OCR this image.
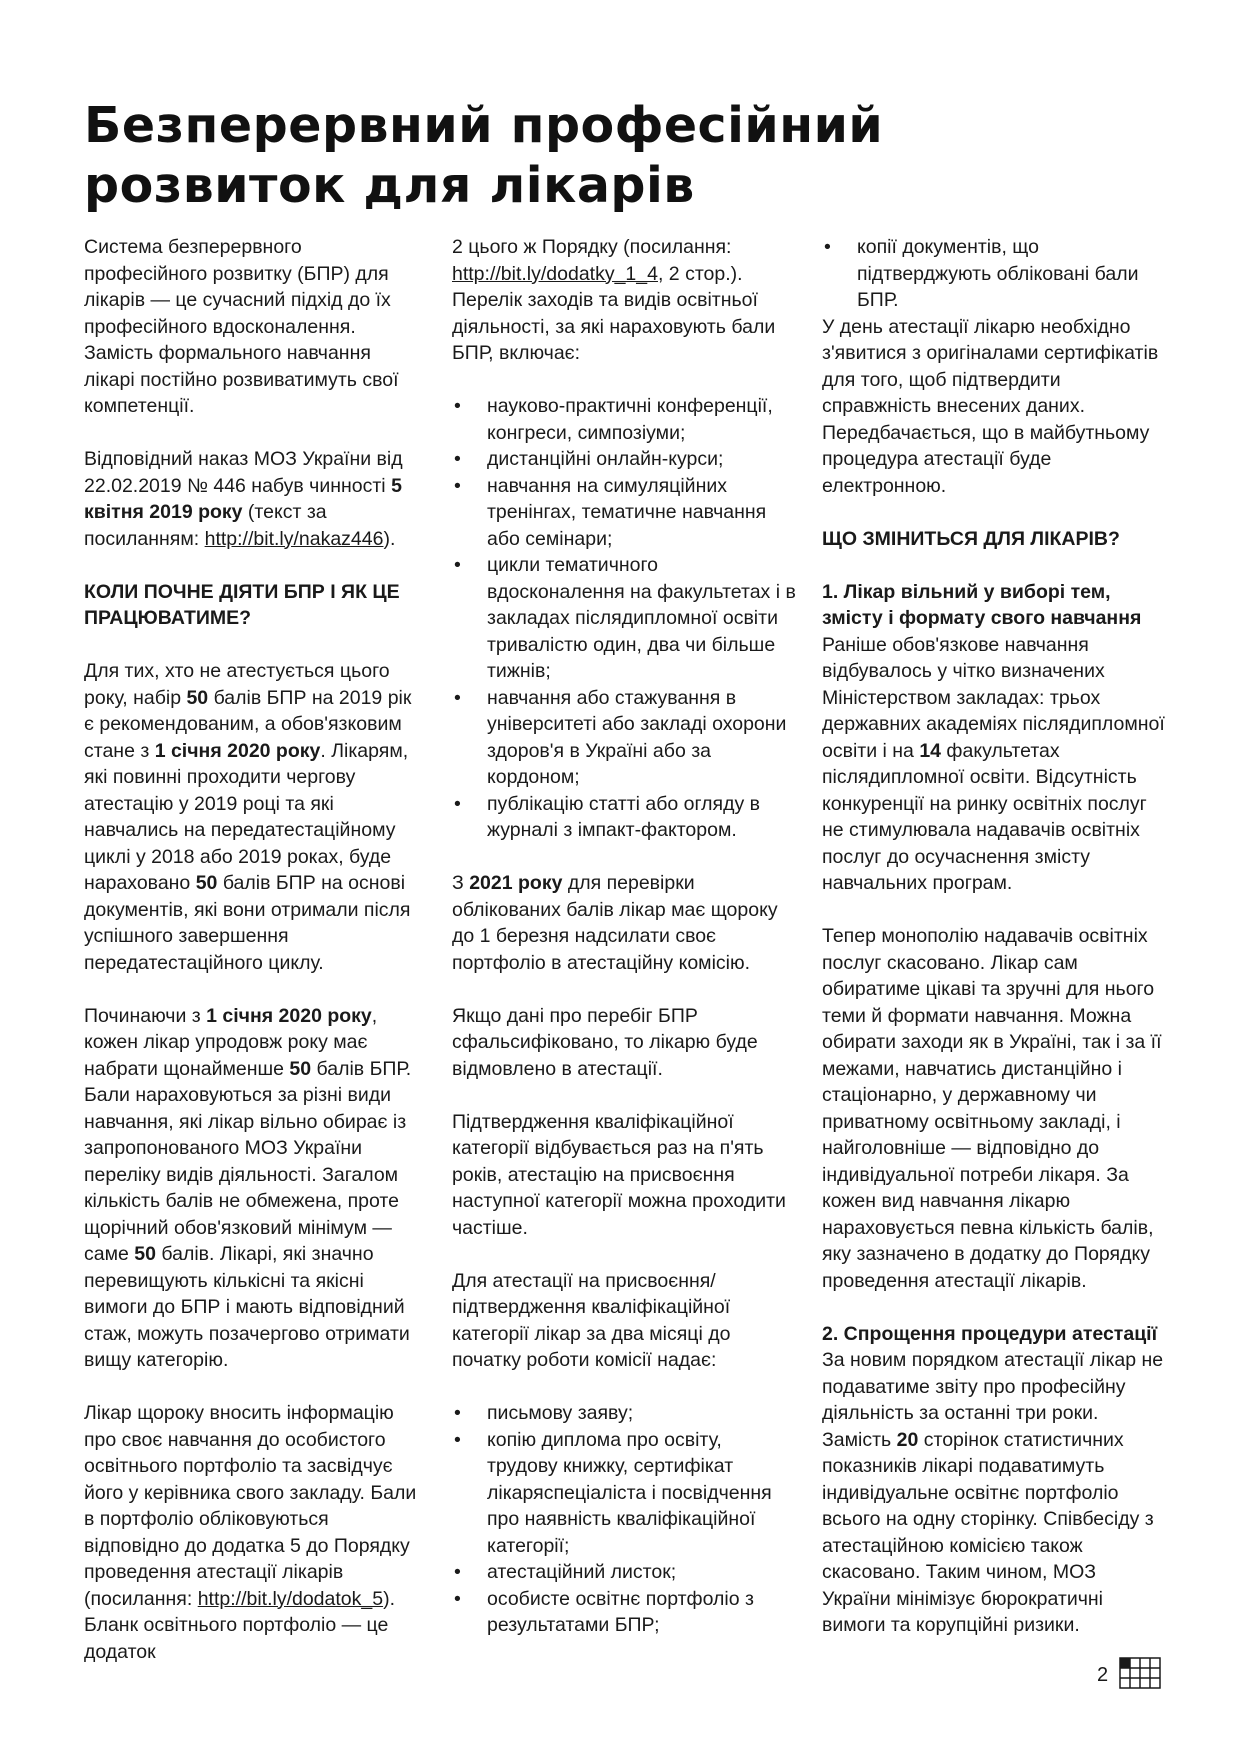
Безперервний професійний розвиток для лікарів

Система безперервного професійного розвитку (БПР) для лікарів — це сучасний підхід до їх професійного вдосконалення. Замість формального навчання лікарі постійно розвиватимуть свої компетенції.

Відповідний наказ МОЗ України від 22.02.2019 № 446 набув чинності 5 квітня 2019 року (текст за посиланням: http://bit.ly/nakaz446).

КОЛИ ПОЧНЕ ДІЯТИ БПР І ЯК ЦЕ ПРАЦЮВАТИМЕ?

Для тих, хто не атестується цього року, набір 50 балів БПР на 2019 рік є рекомендованим, а обов'язковим стане з 1 січня 2020 року. Лікарям, які повинні проходити чергову атестацію у 2019 році та які навчались на передатестаційному циклі у 2018 або 2019 роках, буде нараховано 50 балів БПР на основі документів, які вони отримали після успішного завершення передатестаційного циклу.

Починаючи з 1 січня 2020 року, кожен лікар упродовж року має набрати щонайменше 50 балів БПР. Бали нараховуються за різні види навчання, які лікар вільно обирає із запропонованого МОЗ України переліку видів діяльності. Загалом кількість балів не обмежена, проте щорічний обов'язковий мінімум — саме 50 балів. Лікарі, які значно перевищують кількісні та якісні вимоги до БПР і мають відповідний стаж, можуть позачергово отримати вищу категорію.

Лікар щороку вносить інформацію про своє навчання до особистого освітнього портфоліо та засвідчує його у керівника свого закладу. Бали в портфоліо обліковуються відповідно до додатка 5 до Порядку проведення атестації лікарів (посилання: http://bit.ly/dodatok_5). Бланк освітнього портфоліо — це додаток

2 цього ж Порядку (посилання: http://bit.ly/dodatky_1_4, 2 стор.). Перелік заходів та видів освітньої діяльності, за які нараховують бали БПР, включає:

• науково-практичні конференції, конгреси, симпозіуми;
• дистанційні онлайн-курси;
• навчання на симуляційних тренінгах, тематичне навчання або семінари;
• цикли тематичного вдосконалення на факультетах і в закладах післядипломної освіти тривалістю один, два чи більше тижнів;
• навчання або стажування в університеті або закладі охорони здоров'я в Україні або за кордоном;
• публікацію статті або огляду в журналі з імпакт-фактором.

З 2021 року для перевірки облікованих балів лікар має щороку до 1 березня надсилати своє портфоліо в атестаційну комісію.

Якщо дані про перебіг БПР сфальсифіковано, то лікарю буде відмовлено в атестації.

Підтвердження кваліфікаційної категорії відбувається раз на п'ять років, атестацію на присвоєння наступної категорії можна проходити частіше.

Для атестації на присвоєння/підтвердження кваліфікаційної категорії лікар за два місяці до початку роботи комісії надає:

• письмову заяву;
• копію диплома про освіту, трудову книжку, сертифікат лікаряспеціаліста і посвідчення про наявність кваліфікаційної категорії;
• атестаційний листок;
• особисте освітнє портфоліо з результатами БПР;
• копії документів, що підтверджують обліковані бали БПР.

У день атестації лікарю необхідно з'явитися з оригіналами сертифікатів для того, щоб підтвердити справжність внесених даних. Передбачається, що в майбутньому процедура атестації буде електронною.

ЩО ЗМІНИТЬСЯ ДЛЯ ЛІКАРІВ?
1. Лікар вільний у виборі тем, змісту і формату свого навчання

Раніше обов'язкове навчання відбувалось у чітко визначених Міністерством закладах: трьох державних академіях післядипломної освіти і на 14 факультетах післядипломної освіти. Відсутність конкуренції на ринку освітніх послуг не стимулювала надавачів освітніх послуг до осучаснення змісту навчальних програм.

Тепер монополію надавачів освітніх послуг скасовано. Лікар сам обиратиме цікаві та зручні для нього теми й формати навчання. Можна обирати заходи як в Україні, так і за її межами, навчатись дистанційно і стаціонарно, у державному чи приватному освітньому закладі, і найголовніше — відповідно до індивідуальної потреби лікаря. За кожен вид навчання лікарю нараховується певна кількість балів, яку зазначено в додатку до Порядку проведення атестації лікарів.

2. Спрощення процедури атестації

За новим порядком атестації лікар не подаватиме звіту про професійну діяльність за останні три роки. Замість 20 сторінок статистичних показників лікарі подаватимуть індивідуальне освітнє портфоліо всього на одну сторінку. Співбесіду з атестаційною комісією також скасовано. Таким чином, МОЗ України мінімізує бюрократичні вимоги та корупційні ризики.

2
